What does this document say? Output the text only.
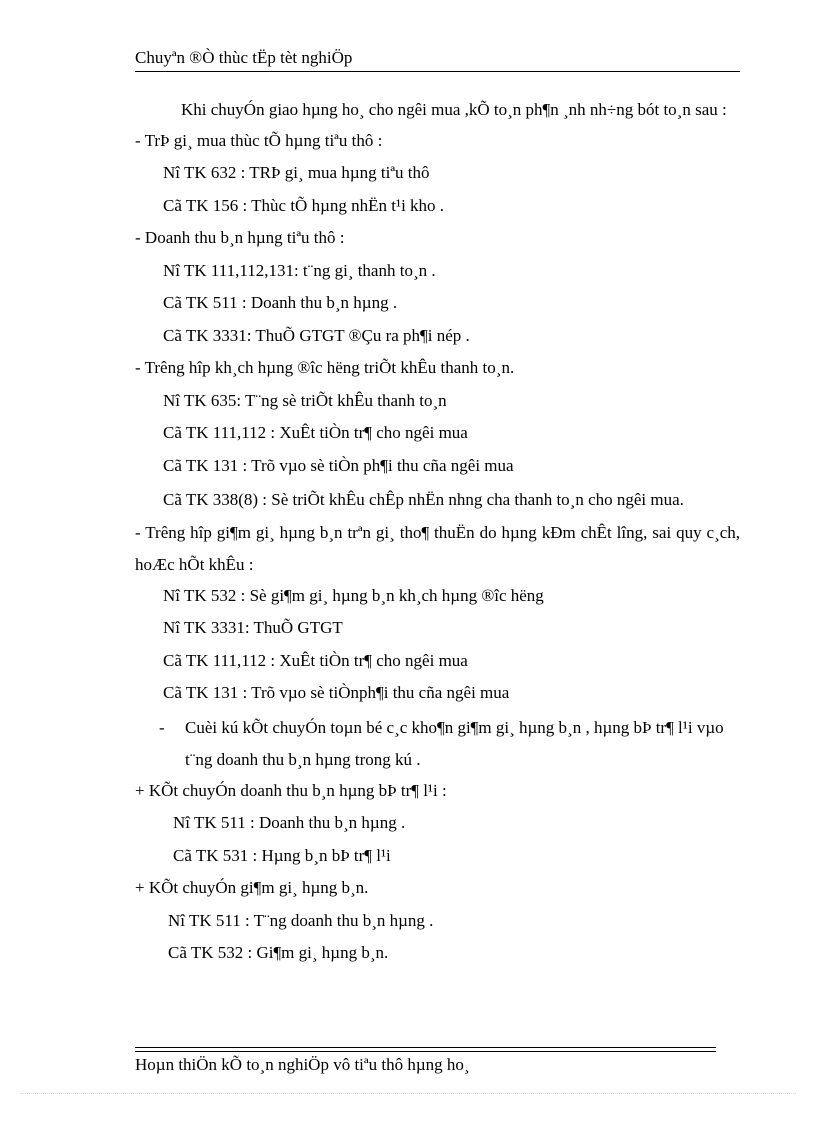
Chuyªn ®Ò thùc tËp tèt nghiÖp
Khi chuyÓn giao hµng ho¸ cho ngêi mua ,kÕ to¸n ph¶n ¸nh nh÷ng bót to¸n sau :
- TrÞ gi¸ mua thùc tÕ hµng tiªu thô :
Nî TK 632 : TRÞ gi¸ mua hµng tiªu thô
Cã TK 156 : Thùc tÕ hµng nhËn t¹i kho .
- Doanh thu b¸n hµng tiªu thô :
Nî TK 111,112,131: t¨ng gi¸ thanh to¸n .
Cã TK 511 : Doanh thu b¸n hµng .
Cã TK 3331: ThuÕ GTGT ®Çu ra ph¶i nép .
- Trêng hîp kh¸ch hµng ®îc hëng triÕt khÊu thanh to¸n.
Nî TK 635: T¨ng sè triÕt khÊu thanh to¸n
Cã TK 111,112 : XuÊt tiÒn tr¶ cho ngêi mua
Cã TK 131 : Trõ vµo sè tiÒn ph¶i thu cña ngêi mua
Cã TK 338(8) : Sè triÕt khÊu chÊp nhËn nhng cha thanh to¸n cho ngêi mua.
- Trêng hîp gi¶m gi¸ hµng b¸n trªn gi¸ tho¶ thuËn do hµng kÐm chÊt lîng, sai quy c¸ch, hoÆc hÕt khÊu :
Nî TK 532 : Sè gi¶m gi¸ hµng b¸n kh¸ch hµng ®îc hëng
Nî TK 3331: ThuÕ GTGT
Cã TK 111,112 : XuÊt tiÒn tr¶ cho ngêi mua
Cã TK 131 : Trõ vµo sè tiÒnph¶i thu cña ngêi mua
-	Cuèi kú kÕt chuyÓn toµn bé c¸c kho¶n gi¶m gi¸ hµng b¸n , hµng bÞ tr¶ l¹i vµo t¨ng doanh thu b¸n hµng trong kú .
+ KÕt chuyÓn doanh thu b¸n hµng bÞ tr¶ l¹i :
Nî TK 511 : Doanh thu b¸n hµng .
Cã TK 531 : Hµng b¸n bÞ tr¶ l¹i
+ KÕt chuyÓn gi¶m gi¸ hµng b¸n.
Nî TK 511 : T¨ng doanh thu b¸n hµng .
Cã TK 532 : Gi¶m gi¸ hµng b¸n.
Hoµn thiÖn kÕ to¸n nghiÖp vô tiªu thô hµng ho¸
